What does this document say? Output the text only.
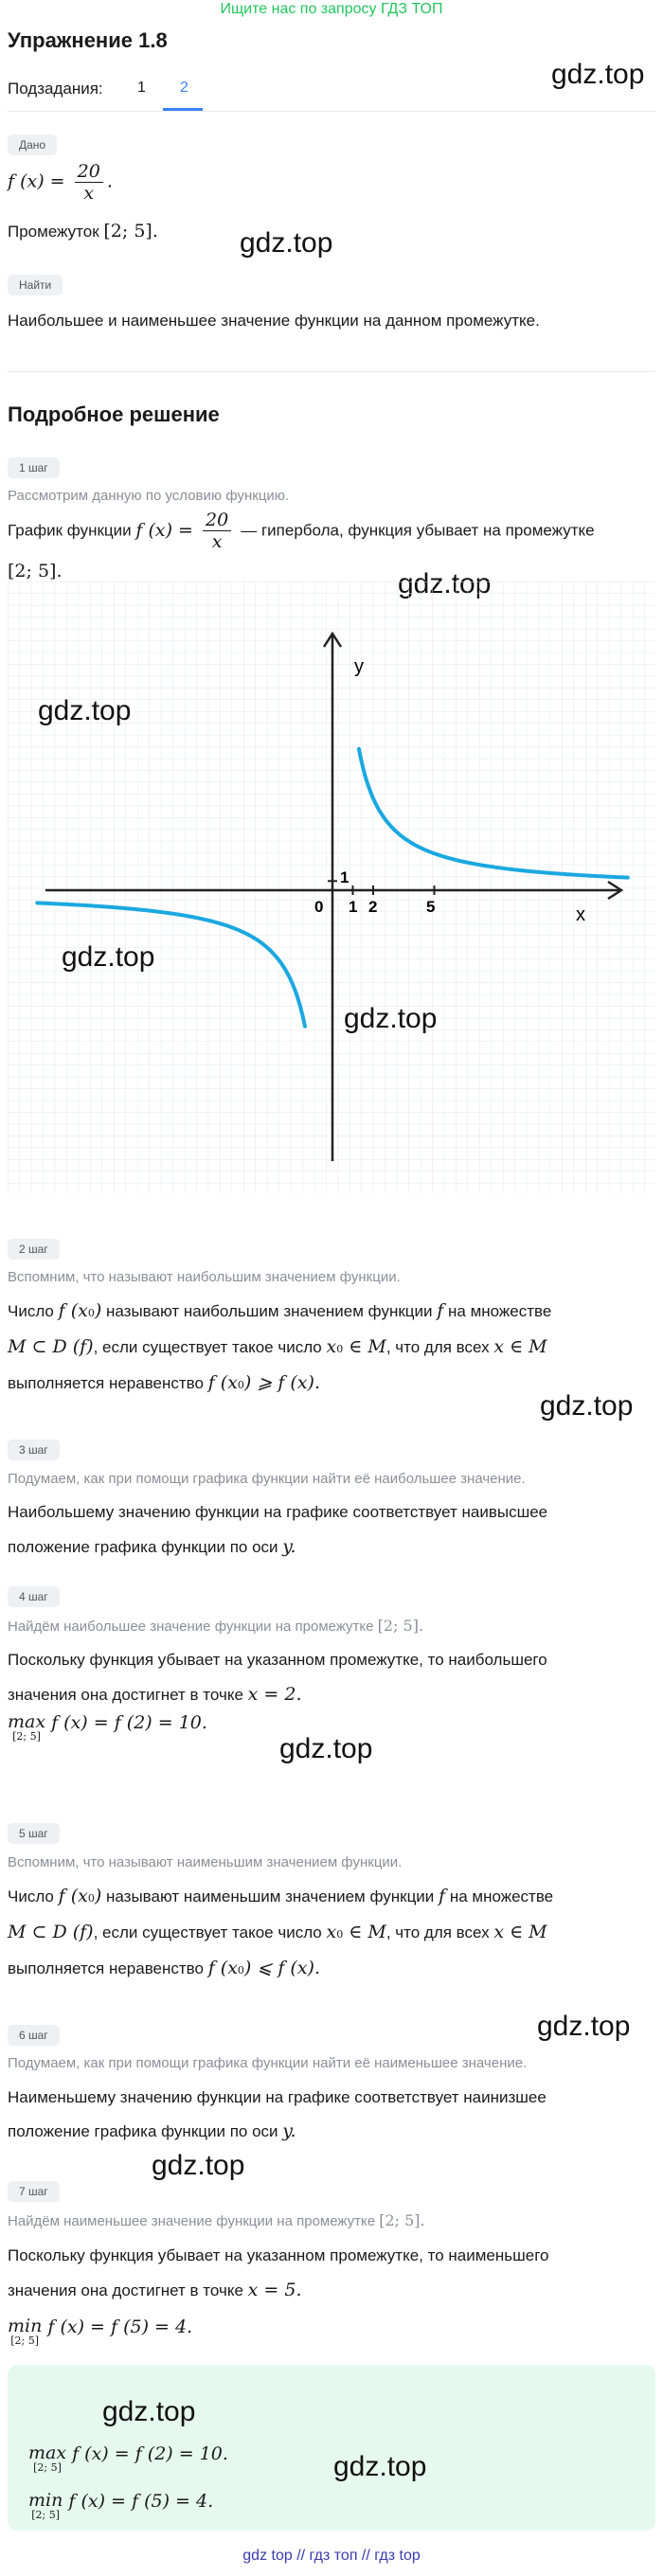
Ищите нас по запросу ГДЗ ТОП
Упражнение 1.8
gdz.top
Подзадания: 1 2
Дано
f $(x) = \frac{20}{x}$ .
Промежуток [2; 5].	gdz.top
Найти
Наибольшее и наименьшее значение функции на данном промежутке.
Подробное решение
1 шаг
Рассмотрим данную по условию функцию.
График функции f $(x) = \frac{20}{x}$ — гипербола, функция убывает на промежутке
[2; 5].
y
x
0 1 2	5
1
gdz.top
gdz.top
gdz.top
2 шаг
Вспомним, что называют наибольшим значением функции.
Число f (x0) называют наибольшим значением функции f на множестве
M ⊂ D (f), если существует такое число x0 ∈ M, что для всех x ∈ M
выполняется неравенство f (x0) ⩾ f (x).
gdz.top
3 шаг
Подумаем, как при помощи графика функции найти её наибольшее значение.
Наибольшему значению функции на графике соответствует наивысшее
положение графика функции по оси y.
4 шаг
Найдём наибольшее значение функции на промежутке [2; 5].
Поскольку функция убывает на указанном промежутке, то наибольшего
значения она достигнет в точке x = 2.
max
[2; 5]
f (x) = f (2) = 10.
gdz.top
5 шаг
Вспомним, что называют наименьшим значением функции.
Число f (x0) называют наименьшим значением функции f на множестве
M ⊂ D (f), если существует такое число x0 ∈ M, что для всех x ∈ M
выполняется неравенство f (x0) ⩽ f (x).
gdz.top
6 шаг
Подумаем, как при помощи графика функции найти её наименьшее значение.
Наименьшему значению функции на графике соответствует наинизшее
положение графика функции по оси y.
gdz.top
7 шаг
Найдём наименьшее значение функции на промежутке [2; 5].
Поскольку функция убывает на указанном промежутке, то наименьшего
значения она достигнет в точке x = 5.
min
[2; 5]
f (x) = f (5) = 4.
gdz.top
max
[2; 5]
f (x) = f (2) = 10.	gdz.top
min
[2; 5]
f (x) = f (5) = 4.
gdz top // гдз топ // гдз top
